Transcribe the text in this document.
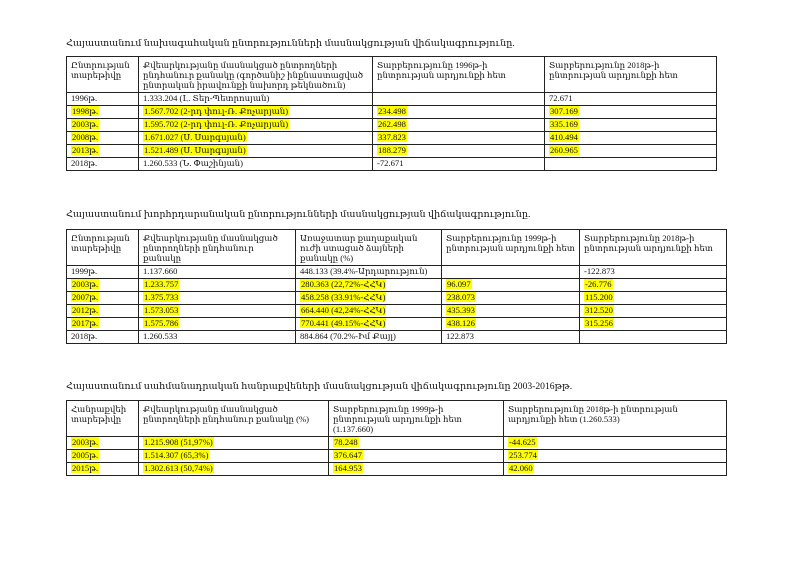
Հայաստանում նախագահական ընտրությունների մասնակցության վիճակագրությունը.
Ընտրության տարեթիվը	Քվեարկությանը մասնակցած ընտրողների ընդհանուր քանակը (գործանիշ ինքնաստացված ընտրական իրավունքի նախորդ թեկնածուն)	Տարբերությունը 1996թ-ի ընտրության արդյունքի հետ	Տարբերությունը 2018թ-ի ընտրության արդյունքի հետ
1996թ.	1.333.204 (Լ. Տեր-Պետրոսյան)		72.671
1998թ.	1.567.702 (2-րդ փուլ-Ռ. Քոչարյան)	234.498	307.169
2003թ.	1.595.702 (2-րդ փուլ-Ռ. Քոչարյան)	262.498	335.169
2008թ.	1.671.027 (Ս. Սարգսյան)	337.823	410.494
2013թ.	1.521.489 (Ս. Սարգսյան)	188.279	260.965
2018թ.	1.260.533 (Ն. Փաշինյան)	-72.671	
Հայաստանում խորհրդարանական ընտրությունների մասնակցության վիճակագրությունը.
Ընտրության տարեթիվը	Քվեարկությանը մասնակցած ընտրողների ընդհանուր քանակը	Առաջատար քաղաքական ուժի ստացած ձայների քանակը (%)	Տարբերությունը 1999թ-ի ընտրության արդյունքի հետ	Տարբերությունը 2018թ-ի ընտրության արդյունքի հետ
1999թ.	1.137.660	448.133 (39.4%-Արդարություն)		-122.873
2003թ.	1.233.757	280.363 (22,72%-ՀՀԿ)	96.097	-26.776
2007թ.	1.375.733	458.258 (33.91%-ՀՀԿ)	238.073	115.200
2012թ.	1.573.053	664.440 (42,24%-ՀՀԿ)	435.393	312.520
2017թ.	1.575.786	770.441 (49.15%-ՀՀԿ)	438.126	315.256
2018թ.	1.260.533	884.864 (70.2%-Իմ Քայլ)	122.873	
Հայաստանում սահմանադրական հանրաքվեների մասնակցության վիճակագրությունը 2003-2016թթ.
Հանրաքվեի տարեթիվը	Քվեարկությանը մասնակցած ընտրողների ընդհանուր քանակը (%)	Տարբերությունը 1999թ-ի ընտրության արդյունքի հետ (1.137.660)	Տարբերությունը 2018թ-ի ընտրության արդյունքի հետ (1.260.533)
2003թ.	1.215.908 (51,97%)	78.248	-44.625
2005թ.	1.514.307 (65,3%)	376.647	253.774
2015թ.	1.302.613 (50,74%)	164.953	42.060
